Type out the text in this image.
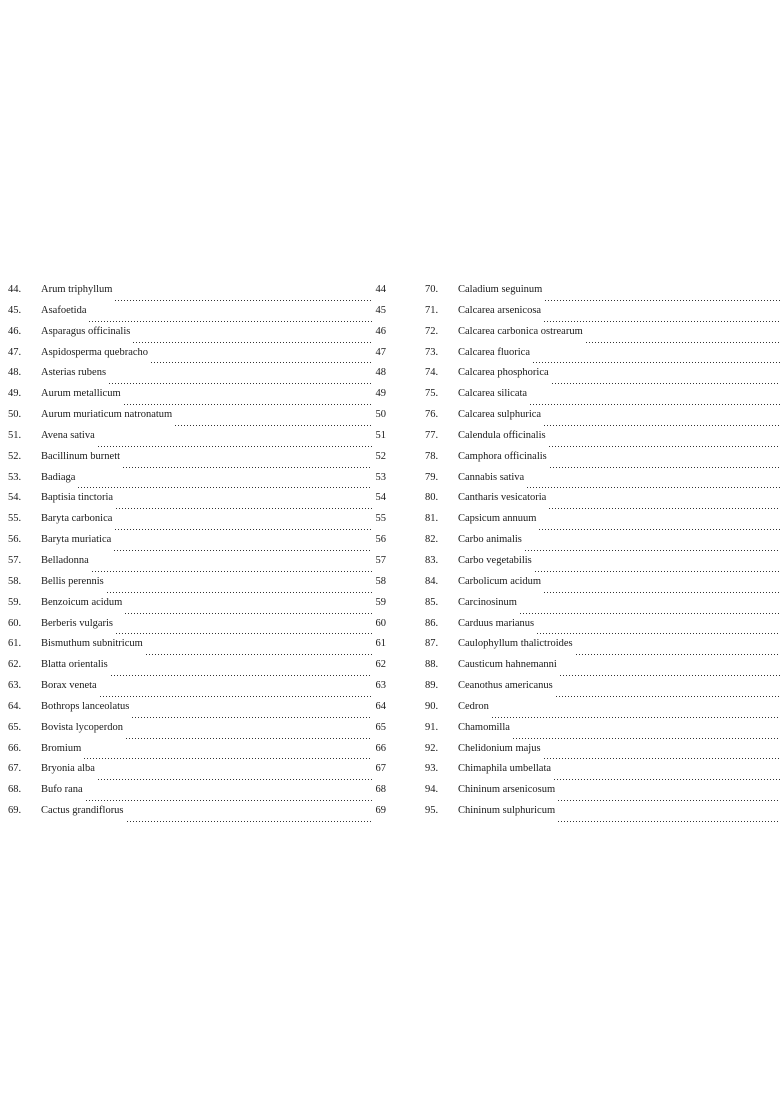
44.	Arum triphyllum	44
45.	Asafoetida	45
46.	Asparagus officinalis	46
47.	Aspidosperma quebracho	47
48.	Asterias rubens	48
49.	Aurum metallicum	49
50.	Aurum muriaticum natronatum	50
51.	Avena sativa	51
52.	Bacillinum burnett	52
53.	Badiaga	53
54.	Baptisia tinctoria	54
55.	Baryta carbonica	55
56.	Baryta muriatica	56
57.	Belladonna	57
58.	Bellis perennis	58
59.	Benzoicum acidum	59
60.	Berberis vulgaris	60
61.	Bismuthum subnitricum	61
62.	Blatta orientalis	62
63.	Borax veneta	63
64.	Bothrops lanceolatus	64
65.	Bovista lycoperdon	65
66.	Bromium	66
67.	Bryonia alba	67
68.	Bufo rana	68
69.	Cactus grandiflorus	69
70.	Caladium seguinum
71.	Calcarea arsenicosa
72.	Calcarea carbonica ostrearum
73.	Calcarea fluorica
74.	Calcarea phosphorica
75.	Calcarea silicata
76.	Calcarea sulphurica
77.	Calendula officinalis
78.	Camphora officinalis
79.	Cannabis sativa
80.	Cantharis vesicatoria
81.	Capsicum annuum
82.	Carbo animalis
83.	Carbo vegetabilis
84.	Carbolicum acidum
85.	Carcinosinum
86.	Carduus marianus
87.	Caulophyllum thalictroides
88.	Causticum hahnemanni
89.	Ceanothus americanus
90.	Cedron
91.	Chamomilla
92.	Chelidonium majus
93.	Chimaphila umbellata
94.	Chininum arsenicosum
95.	Chininum sulphuricum
